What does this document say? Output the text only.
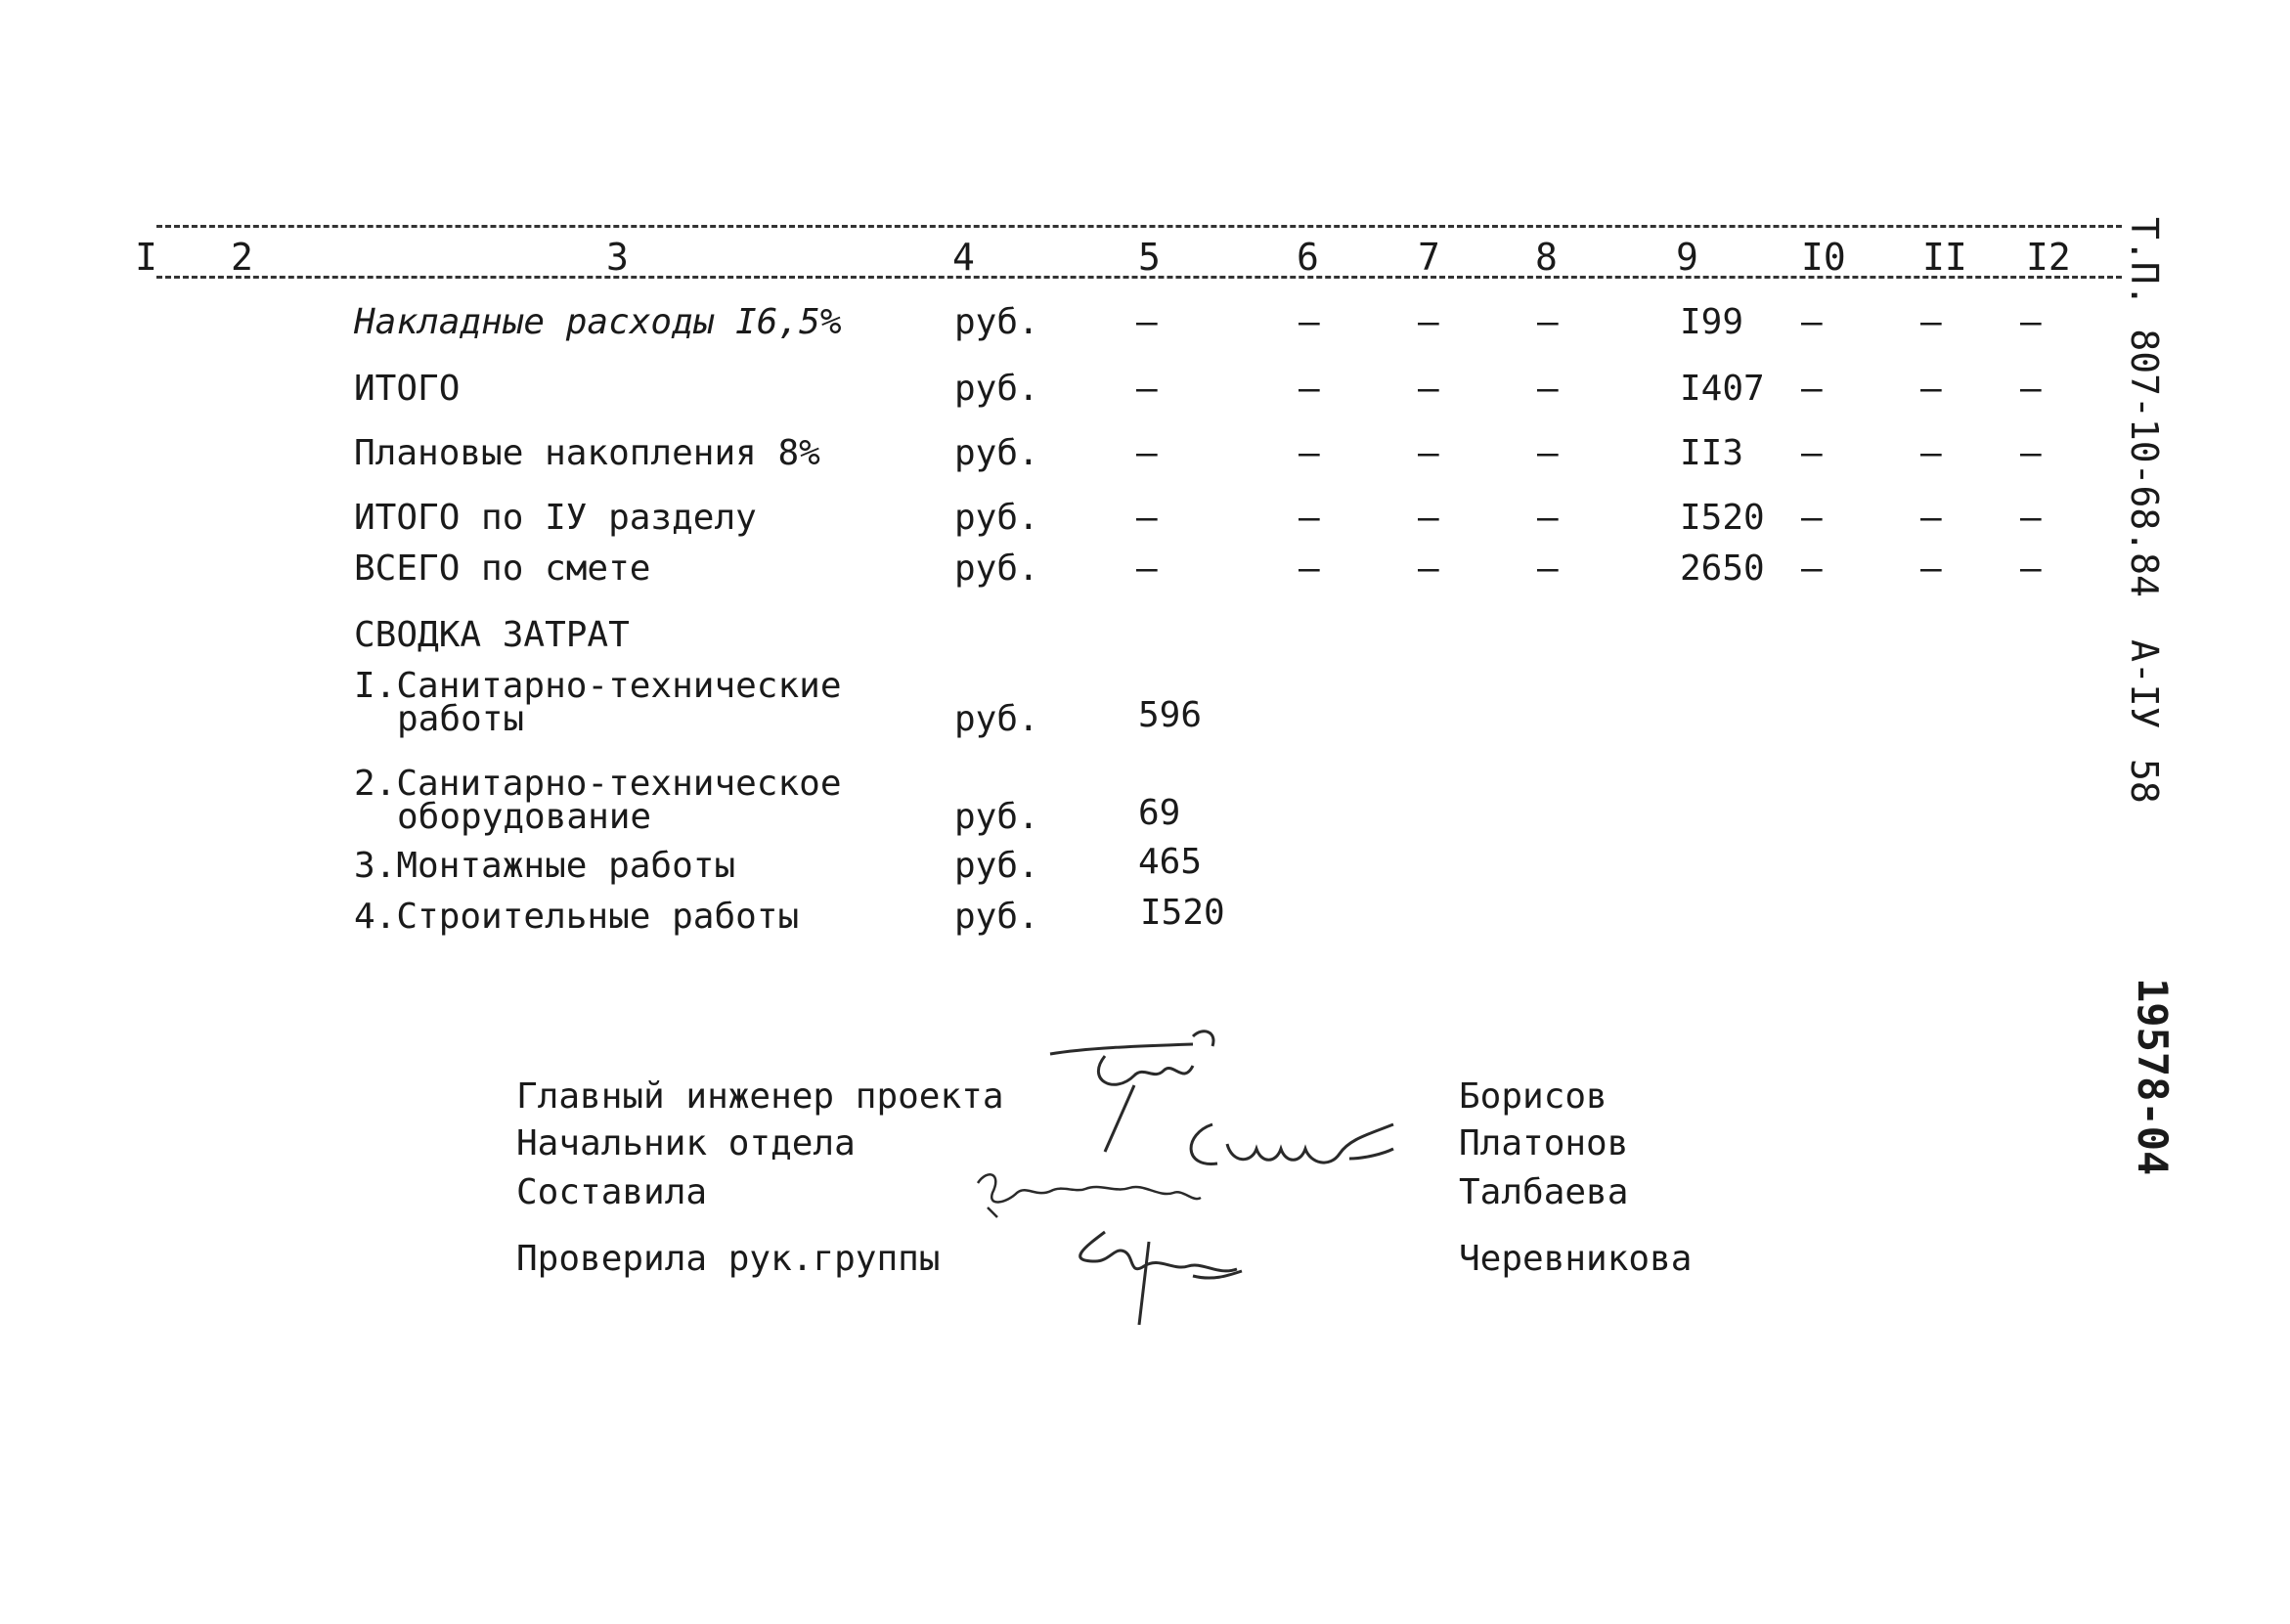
I 2	3	4	5	6	7	8	9	I0 II I2 Т.П. 807-10-68.84
А-IУ
58
19578-04
Накладные расходы I6,5%	руб.	–	–	–	–	I99 –	– –
ИТОГО	руб.	–	–	–	–	I407 –	– –
Плановые накопления 8%	руб.	–	–	–	–	II3 –	– –
ИТОГО по IУ разделу	руб.	–	–	–	–	I520 –	– –
ВСЕГО по смете	руб.	–	–	–	–	2650 –	– –
СВОДКА ЗАТРАТ
I.Санитарно-технические
работы	руб.	596
2.Санитарно-техническое
оборудование	руб.	69
3.Монтажные работы	руб.	465
4.Строительные работы	руб.	I520
Главный инженер проекта	Борисов
Начальник отдела	Платонов
Составила	Талбаева
Проверила рук.группы	Черевникова
